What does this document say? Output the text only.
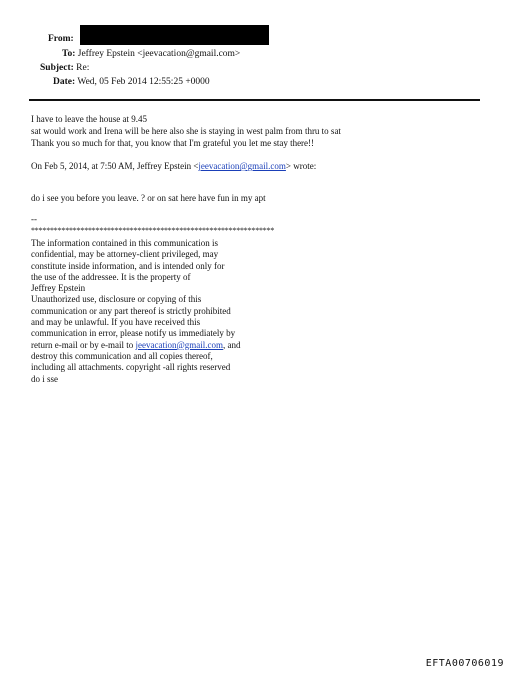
From:
To: Jeffrey Epstein <jeevacation@gmail.com>
Subject: Re:
Date: Wed, 05 Feb 2014 12:55:25 +0000
I have to leave the house at 9.45
sat would work and Irena will be here also she is staying in west palm from thru to sat
Thank you so much for that, you know that I'm grateful you let me stay there!!
On Feb 5, 2014, at 7:50 AM, Jeffrey Epstein <jeevacation@gmail.com> wrote:
do i see you before you leave. ? or on sat here have fun in my apt
--
****************************************************************
The information contained in this communication is
confidential, may be attorney-client privileged, may
constitute inside information, and is intended only for
the use of the addressee. It is the property of
Jeffrey Epstein
Unauthorized use, disclosure or copying of this
communication or any part thereof is strictly prohibited
and may be unlawful. If you have received this
communication in error, please notify us immediately by
return e-mail or by e-mail to jeevacation@gmail.com, and
destroy this communication and all copies thereof,
including all attachments. copyright -all rights reserved
do i sse
EFTA00706019
